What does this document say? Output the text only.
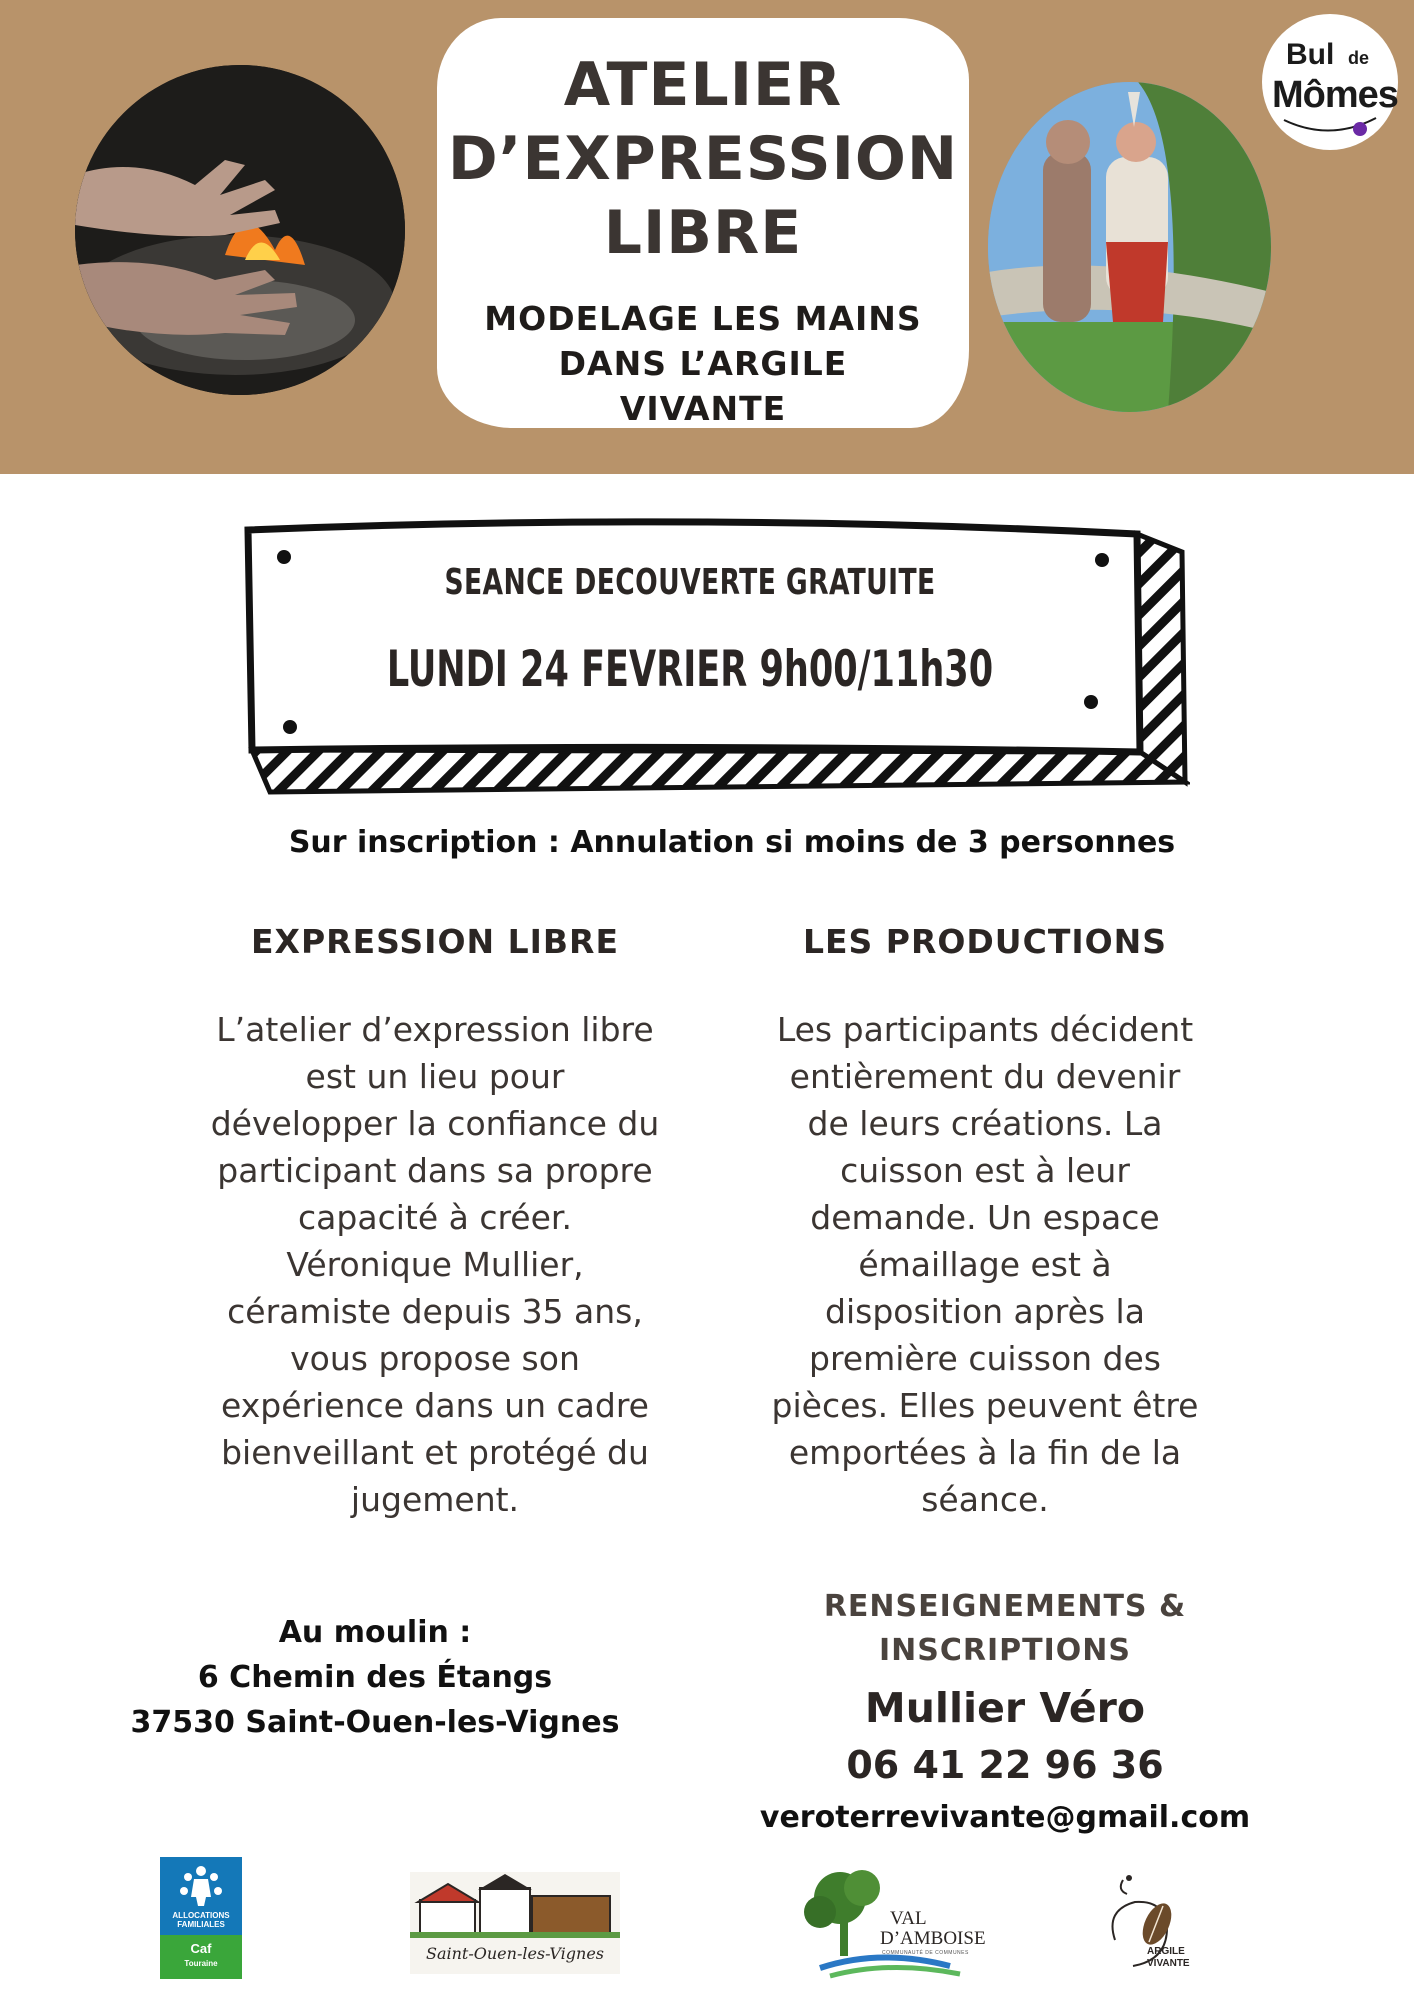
ATELIER
D’EXPRESSION
LIBRE
MODELAGE LES MAINS
DANS L’ARGILE
VIVANTE
Bul de
Mômes
SEANCE DECOUVERTE GRATUITE
LUNDI 24 FEVRIER 9h00/11h30
Sur inscription : Annulation si moins de 3 personnes
EXPRESSION LIBRE
L’atelier d’expression libre
est un lieu pour
développer la confiance du
participant dans sa propre
capacité à créer.
Véronique Mullier,
céramiste depuis 35 ans,
vous propose son
expérience dans un cadre
bienveillant et protégé du
jugement.
LES PRODUCTIONS
Les participants décident
entièrement du devenir
de leurs créations. La
cuisson est à leur
demande. Un espace
émaillage est à
disposition après la
première cuisson des
pièces. Elles peuvent être
emportées à la fin de la
séance.
Au moulin :
6 Chemin des Étangs
37530 Saint-Ouen-les-Vignes
RENSEIGNEMENTS & INSCRIPTIONS
Mullier Véro
06 41 22 96 36
veroterrevivante@gmail.com
ALLOCATIONS
FAMILIALES
Caf
Touraine
Saint-Ouen-les-Vignes
VAL
D’AMBOISE
COMMUNAUTÉ DE COMMUNES	ARGILE
VIVANTE
